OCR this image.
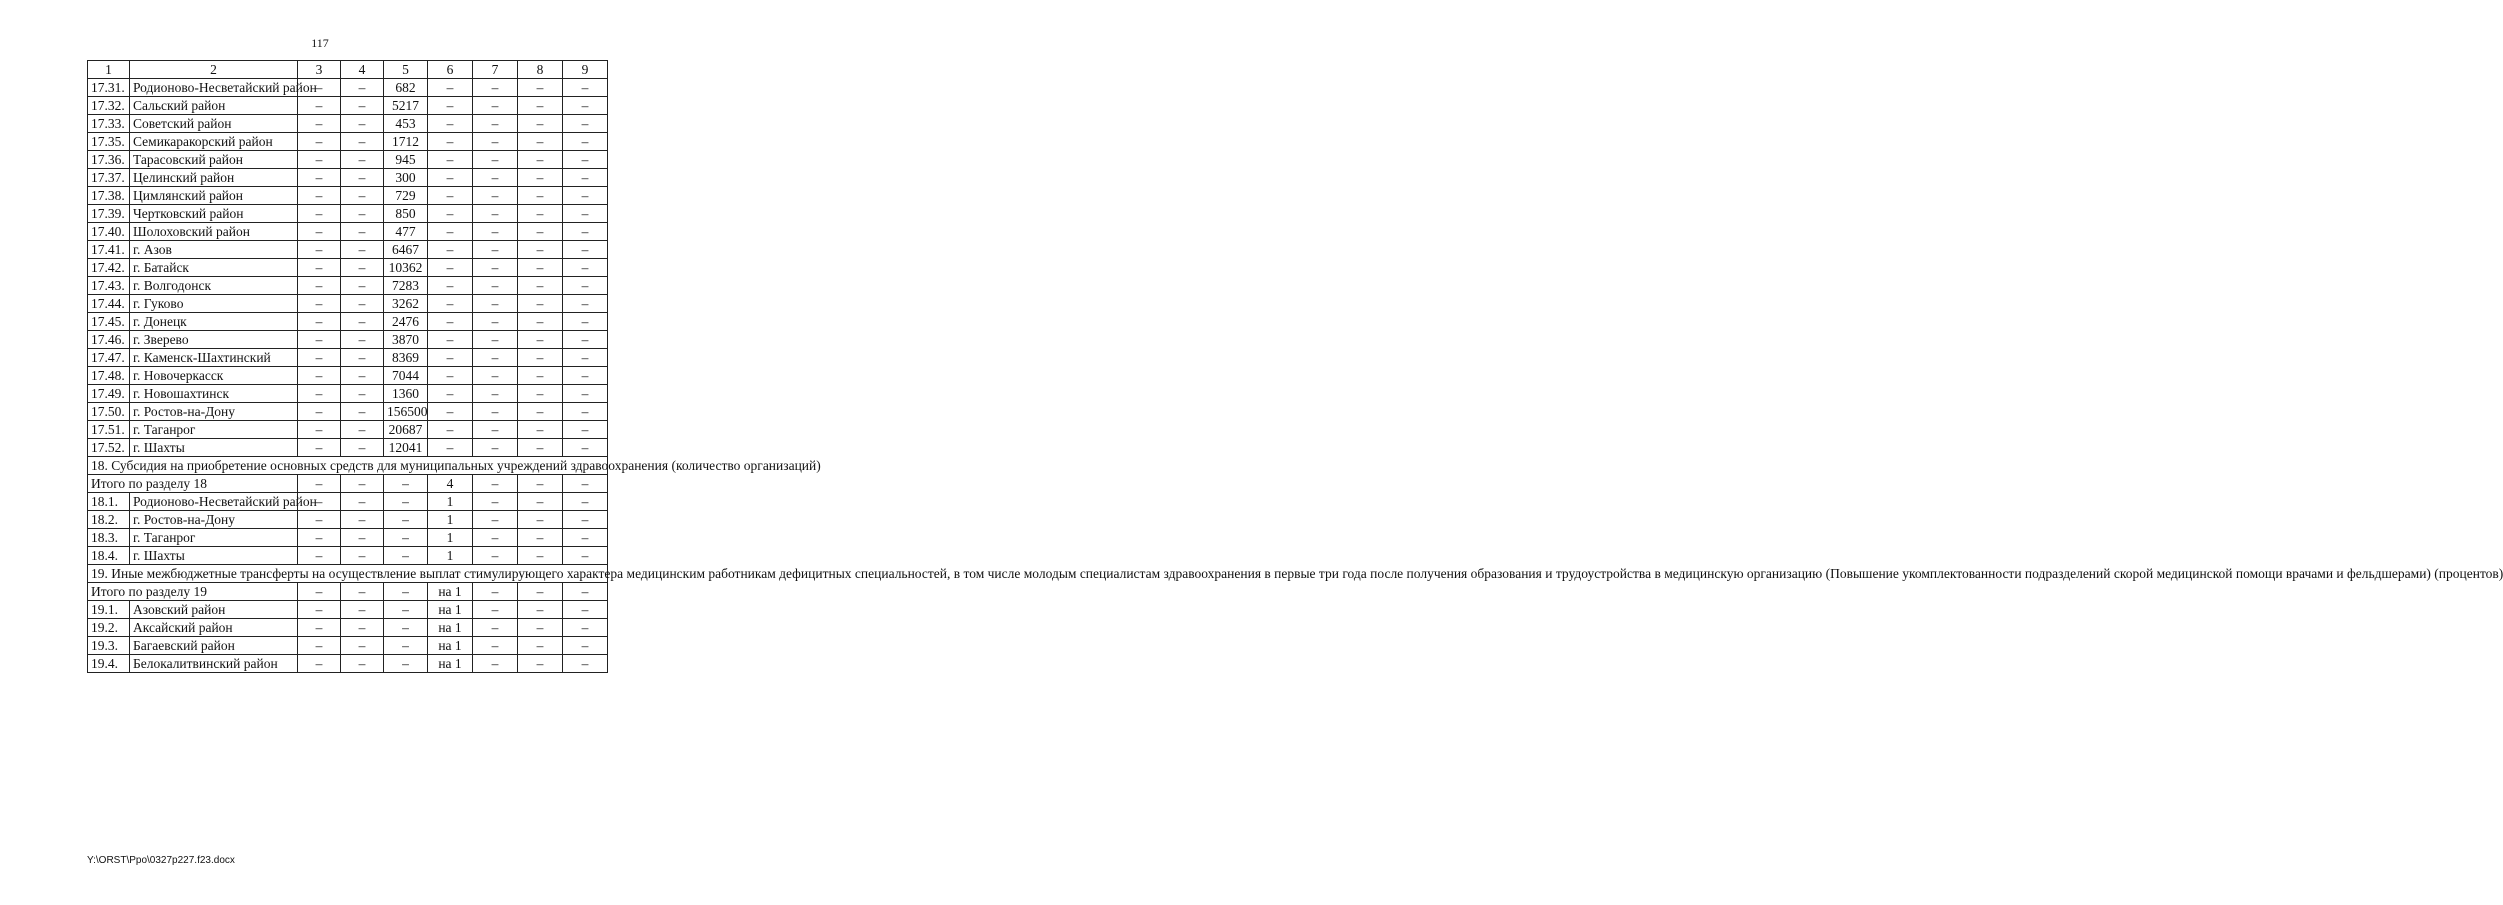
117
1	2	3	4	5	6	7	8	9
17.31.	Родионово-Несветайский район	–	–	682	–	–	–	–
17.32.	Сальский район	–	–	5217	–	–	–	–
17.33.	Советский район	–	–	453	–	–	–	–
17.35.	Семикаракорский район	–	–	1712	–	–	–	–
17.36.	Тарасовский район	–	–	945	–	–	–	–
17.37.	Целинский район	–	–	300	–	–	–	–
17.38.	Цимлянский район	–	–	729	–	–	–	–
17.39.	Чертковский район	–	–	850	–	–	–	–
17.40.	Шолоховский район	–	–	477	–	–	–	–
17.41.	г. Азов	–	–	6467	–	–	–	–
17.42.	г. Батайск	–	–	10362	–	–	–	–
17.43.	г. Волгодонск	–	–	7283	–	–	–	–
17.44.	г. Гуково	–	–	3262	–	–	–	–
17.45.	г. Донецк	–	–	2476	–	–	–	–
17.46.	г. Зверево	–	–	3870	–	–	–	–
17.47.	г. Каменск-Шахтинский	–	–	8369	–	–	–	–
17.48.	г. Новочеркасск	–	–	7044	–	–	–	–
17.49.	г. Новошахтинск	–	–	1360	–	–	–	–
17.50.	г. Ростов-на-Дону	–	–	156500	–	–	–	–
17.51.	г. Таганрог	–	–	20687	–	–	–	–
17.52.	г. Шахты	–	–	12041	–	–	–	–
18. Субсидия на приобретение основных средств для муниципальных учреждений здравоохранения (количество организаций)								
Итого по разделу 18		–	–	–	4	–	–	–
18.1.	Родионово-Несветайский район	–	–	–	1	–	–	–
18.2.	г. Ростов-на-Дону	–	–	–	1	–	–	–
18.3.	г. Таганрог	–	–	–	1	–	–	–
18.4.	г. Шахты	–	–	–	1	–	–	–
19. Иные межбюджетные трансферты на осуществление выплат стимулирующего характера медицинским работникам дефицитных специальностей, в том числе молодым специалистам здравоохранения в первые три года после получения образования и трудоустройства в медицинскую организацию (Повышение укомплектованности подразделений скорой медицинской помощи врачами и фельдшерами) (процентов)								
Итого по разделу 19		–	–	–	на 1	–	–	–
19.1.	Азовский район	–	–	–	на 1	–	–	–
19.2.	Аксайский район	–	–	–	на 1	–	–	–
19.3.	Багаевский район	–	–	–	на 1	–	–	–
19.4.	Белокалитвинский район	–	–	–	на 1	–	–	–
Y:\ORST\Ppo\0327p227.f23.docx
